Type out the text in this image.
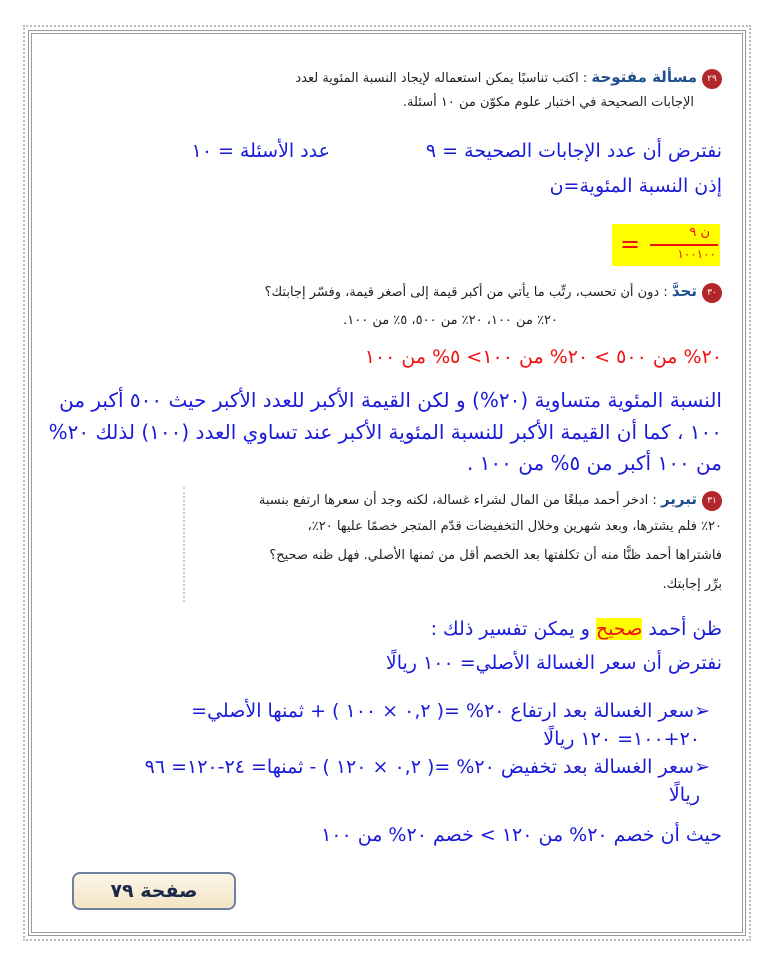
٢٩مسألة مفتوحة : اكتب تناسبًا يمكن استعماله لإيجاد النسبة المئوية لعدد
الإجابات الصحيحة في اختبار علوم مكوّن من ١٠ أسئلة.
نفترض أن عدد الإجابات الصحيحة = ٩
عدد الأسئلة = ١٠
إذن النسبة المئوية=ن
=	ن ٩
١٠٠١٠٠
٣٠تحدَّ : دون أن تحسب، رتِّب ما يأتي من أكبر قيمة إلى أصغر قيمة، وفسّر إجابتك؟
٢٠٪ من ١٠٠، ٢٠٪ من ٥٠٠، ٥٪ من ١٠٠.
٢٠% من ٥٠٠ > ٢٠% من ١٠٠> ٥% من ١٠٠
النسبة المئوية متساوية (٢٠%) و لكن القيمة الأكبر للعدد الأكبر حيث ٥٠٠ أكبر من
١٠٠ ، كما أن القيمة الأكبر للنسبة المئوية الأكبر عند تساوي العدد (١٠٠) لذلك ٢٠%
من ١٠٠ أكبر من ٥% من ١٠٠ .
٣١تبرير : ادخر أحمد مبلغًا من المال لشراء غسالة، لكنه وجد أن سعرها ارتفع بنسبة
٢٠٪ فلم يشترها، وبعد شهرين وخلال التخفيضات قدّم المتجر خصمًا عليها ٢٠٪،
فاشتراها أحمد ظنًّا منه أن تكلفتها بعد الخصم أقل من ثمنها الأصلي. فهل ظنه صحيح؟
برِّر إجابتك.
ظن أحمد صحيح و يمكن تفسير ذلك :
نفترض أن سعر الغسالة الأصلي= ١٠٠ ريالًا
➢سعر الغسالة بعد ارتفاع ٢٠% =( ٠,٢ × ١٠٠ ) + ثمنها الأصلي=
٢٠+١٠٠= ١٢٠ ريالًا
➢سعر الغسالة بعد تخفيض ٢٠% =( ٠,٢ × ١٢٠ ) - ثمنها= ٢٤-١٢٠= ٩٦
ريالًا
حيث أن خصم ٢٠% من ١٢٠ > خصم ٢٠% من ١٠٠
صفحة ٧٩
